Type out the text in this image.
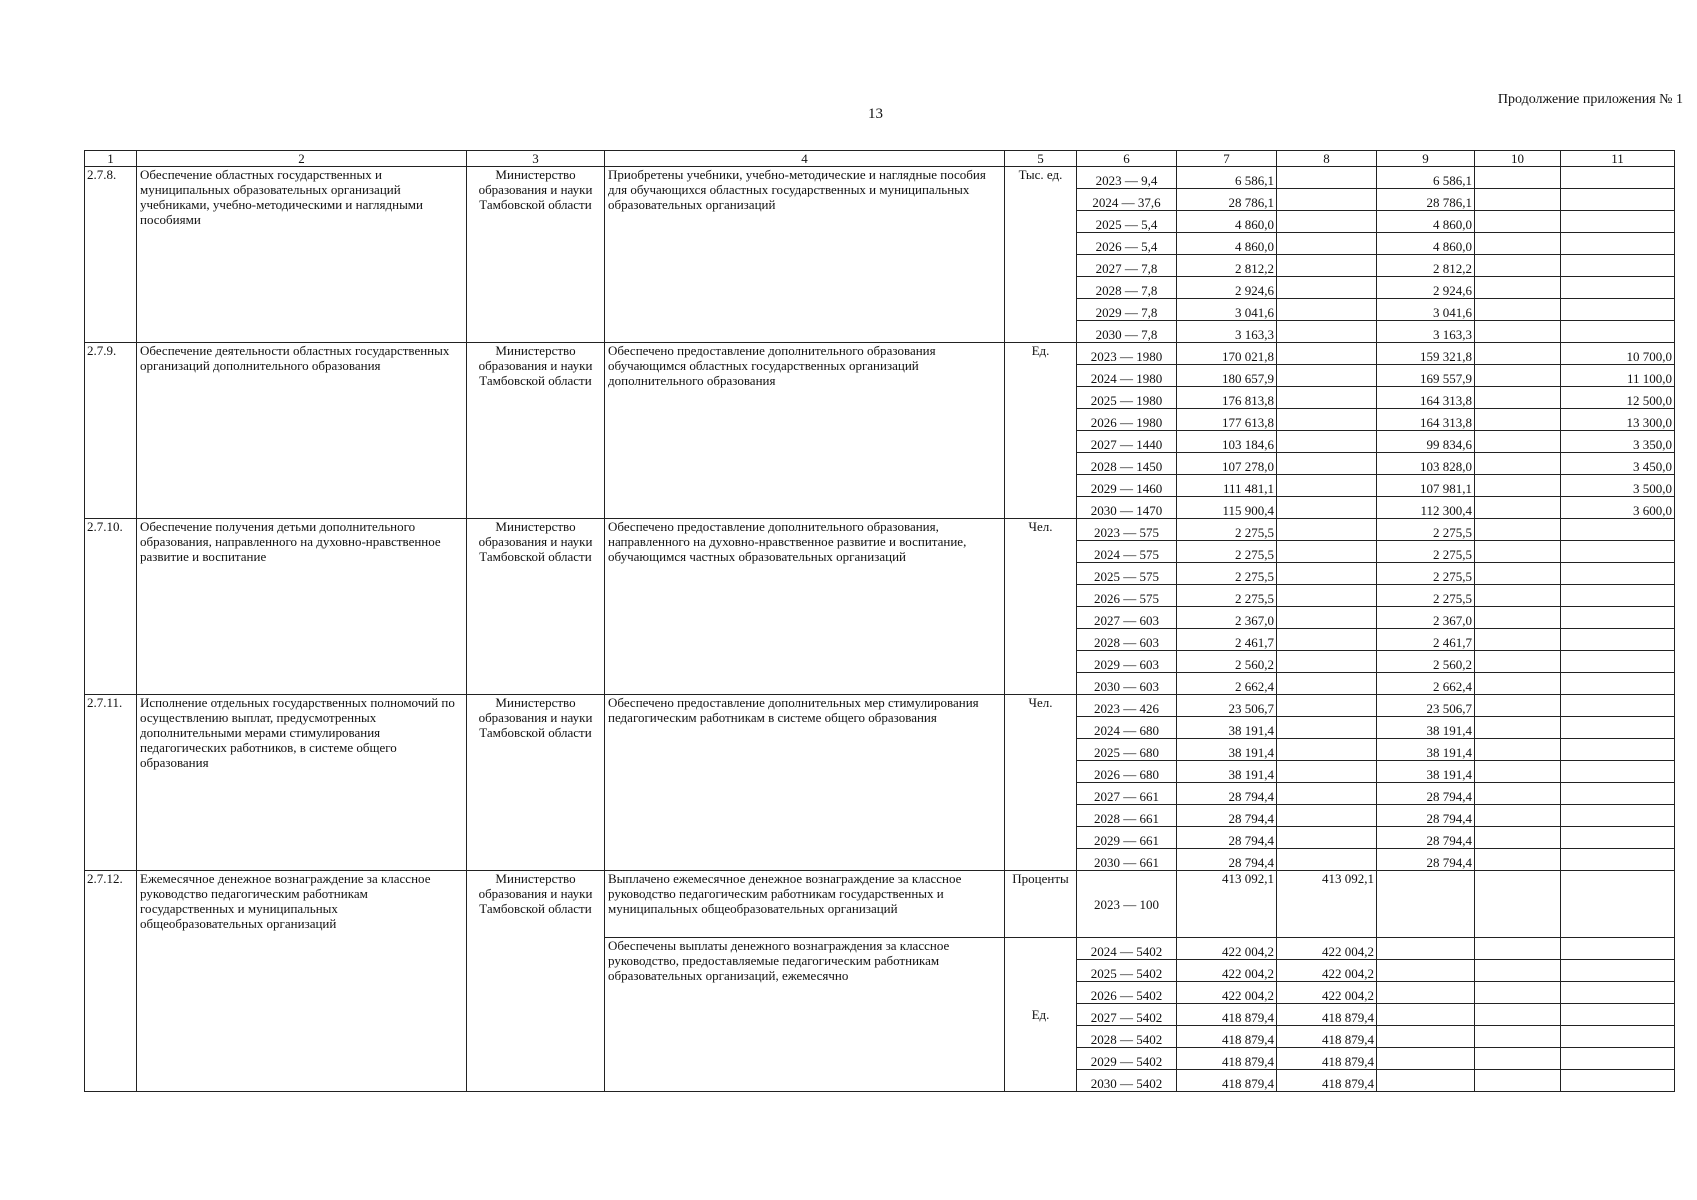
13
Продолжение приложения № 1
1	2	3	4	5	6	7	8	9	10	11
2.7.8.	Обеспечение областных государственных и муниципальных образовательных организаций учебниками, учебно-методическими и наглядными пособиями	Министерство образования и науки Тамбовской области	Приобретены учебники, учебно-методические и наглядные пособия для обучающихся областных государственных и муниципальных образовательных организаций	Тыс. ед.	2023 — 9,4	6 586,1		6 586,1		
					2024 — 37,6	28 786,1		28 786,1		
					2025 — 5,4	4 860,0		4 860,0		
					2026 — 5,4	4 860,0		4 860,0		
					2027 — 7,8	2 812,2		2 812,2		
					2028 — 7,8	2 924,6		2 924,6		
					2029 — 7,8	3 041,6		3 041,6		
					2030 — 7,8	3 163,3		3 163,3		
2.7.9.	Обеспечение деятельности областных государственных организаций дополнительного образования	Министерство образования и науки Тамбовской области	Обеспечено предоставление дополнительного образования обучающимся областных государственных организаций дополнительного образования	Ед.	2023 — 1980	170 021,8		159 321,8		10 700,0
					2024 — 1980	180 657,9		169 557,9		11 100,0
					2025 — 1980	176 813,8		164 313,8		12 500,0
					2026 — 1980	177 613,8		164 313,8		13 300,0
					2027 — 1440	103 184,6		99 834,6		3 350,0
					2028 — 1450	107 278,0		103 828,0		3 450,0
					2029 — 1460	111 481,1		107 981,1		3 500,0
					2030 — 1470	115 900,4		112 300,4		3 600,0
2.7.10.	Обеспечение получения детьми дополнительного образования, направленного на духовно-нравственное развитие и воспитание	Министерство образования и науки Тамбовской области	Обеспечено предоставление дополнительного образования, направленного на духовно-нравственное развитие и воспитание, обучающимся частных образовательных организаций	Чел.	2023 — 575	2 275,5		2 275,5		
					2024 — 575	2 275,5		2 275,5		
					2025 — 575	2 275,5		2 275,5		
					2026 — 575	2 275,5		2 275,5		
					2027 — 603	2 367,0		2 367,0		
					2028 — 603	2 461,7		2 461,7		
					2029 — 603	2 560,2		2 560,2		
					2030 — 603	2 662,4		2 662,4		
2.7.11.	Исполнение отдельных государственных полномочий по осуществлению выплат, предусмотренных дополнительными мерами стимулирования педагогических работников, в системе общего образования	Министерство образования и науки Тамбовской области	Обеспечено предоставление дополнительных мер стимулирования педагогическим работникам в системе общего образования	Чел.	2023 — 426	23 506,7		23 506,7		
					2024 — 680	38 191,4		38 191,4		
					2025 — 680	38 191,4		38 191,4		
					2026 — 680	38 191,4		38 191,4		
					2027 — 661	28 794,4		28 794,4		
					2028 — 661	28 794,4		28 794,4		
					2029 — 661	28 794,4		28 794,4		
					2030 — 661	28 794,4		28 794,4		
2.7.12.	Ежемесячное денежное вознаграждение за классное руководство педагогическим работникам государственных и муниципальных общеобразовательных организаций	Министерство образования и науки Тамбовской области	Выплачено ежемесячное денежное вознаграждение за классное руководство педагогическим работникам государственных и муниципальных общеобразовательных организаций	Проценты	2023 — 100	413 092,1	413 092,1			
			Обеспечены выплаты денежного вознаграждения за классное руководство, предоставляемые педагогическим работникам образовательных организаций, ежемесячно	Ед.	2024 — 5402	422 004,2	422 004,2			
					2025 — 5402	422 004,2	422 004,2			
					2026 — 5402	422 004,2	422 004,2			
					2027 — 5402	418 879,4	418 879,4			
					2028 — 5402	418 879,4	418 879,4			
					2029 — 5402	418 879,4	418 879,4			
					2030 — 5402	418 879,4	418 879,4			
